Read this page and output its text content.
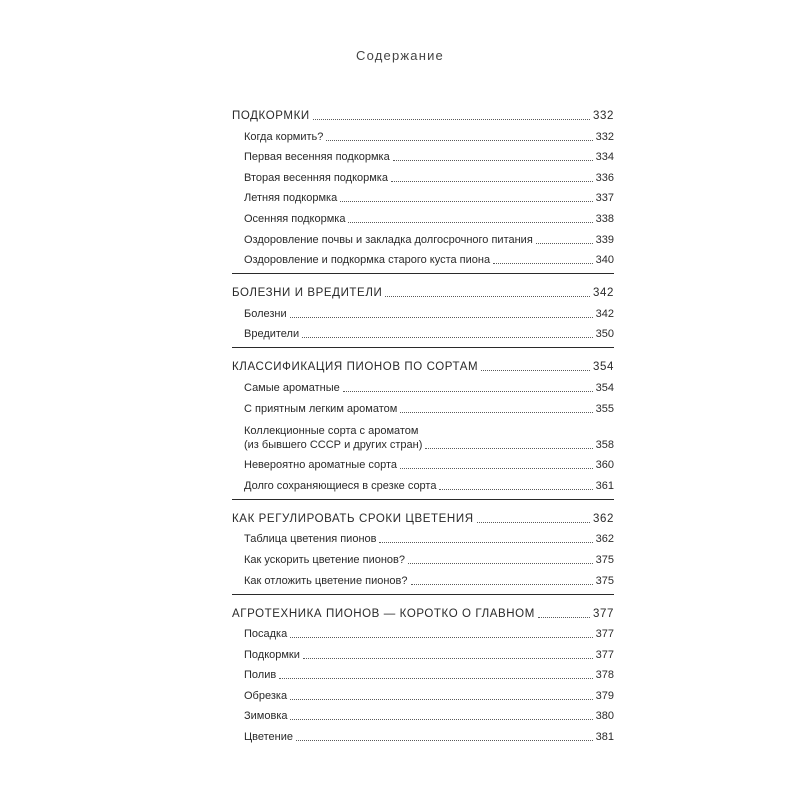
Содержание
ПОДКОРМКИ	332
Когда кормить?	332
Первая весенняя подкормка	334
Вторая весенняя подкормка	336
Летняя подкормка	337
Осенняя подкормка	338
Оздоровление почвы и закладка долгосрочного питания	339
Оздоровление и подкормка старого куста пиона	340
БОЛЕЗНИ И ВРЕДИТЕЛИ	342
Болезни	342
Вредители	350
КЛАССИФИКАЦИЯ ПИОНОВ ПО СОРТАМ	354
Самые ароматные	354
С приятным легким ароматом	355
Коллекционные сорта с ароматом
(из бывшего СССР и других стран)	358
Невероятно ароматные сорта	360
Долго сохраняющиеся в срезке сорта	361
КАК РЕГУЛИРОВАТЬ СРОКИ ЦВЕТЕНИЯ	362
Таблица цветения пионов	362
Как ускорить цветение пионов?	375
Как отложить цветение пионов?	375
АГРОТЕХНИКА ПИОНОВ — КОРОТКО О ГЛАВНОМ	377
Посадка	377
Подкормки	377
Полив	378
Обрезка	379
Зимовка	380
Цветение	381
